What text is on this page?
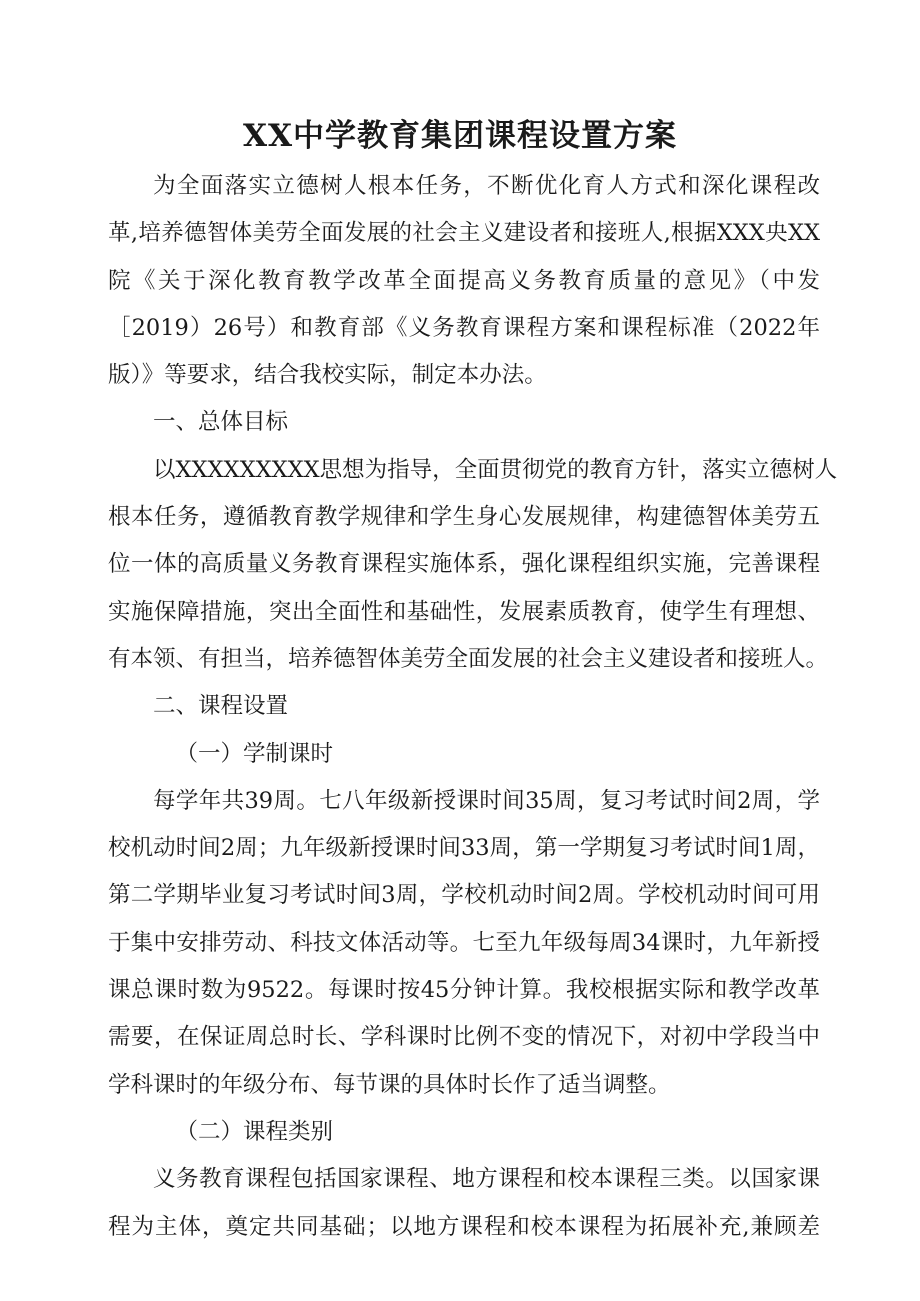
XX中学教育集团课程设置方案

为全面落实立德树人根本任务，不断优化育人方式和深化课程改
革,培养德智体美劳全面发展的社会主义建设者和接班人,根据XXX央XX
院《关于深化教育教学改革全面提高义务教育质量的意见》（中发
［2019）26号）和教育部《义务教育课程方案和课程标准（2022年
版）》等要求，结合我校实际，制定本办法。

一、总体目标

以XXXXXXXXX思想为指导，全面贯彻党的教育方针，落实立德树人
根本任务，遵循教育教学规律和学生身心发展规律，构建德智体美劳五
位一体的高质量义务教育课程实施体系，强化课程组织实施，完善课程
实施保障措施，突出全面性和基础性，发展素质教育，使学生有理想、
有本领、有担当，培养德智体美劳全面发展的社会主义建设者和接班人。

二、课程设置

（一）学制课时

每学年共39周。七八年级新授课时间35周，复习考试时间2周，学
校机动时间2周；九年级新授课时间33周，第一学期复习考试时间1周，
第二学期毕业复习考试时间3周，学校机动时间2周。学校机动时间可用
于集中安排劳动、科技文体活动等。七至九年级每周34课时，九年新授
课总课时数为9522。每课时按45分钟计算。我校根据实际和教学改革
需要，在保证周总时长、学科课时比例不变的情况下，对初中学段当中
学科课时的年级分布、每节课的具体时长作了适当调整。

（二）课程类别

义务教育课程包括国家课程、地方课程和校本课程三类。以国家课
程为主体，奠定共同基础；以地方课程和校本课程为拓展补充,兼顾差
